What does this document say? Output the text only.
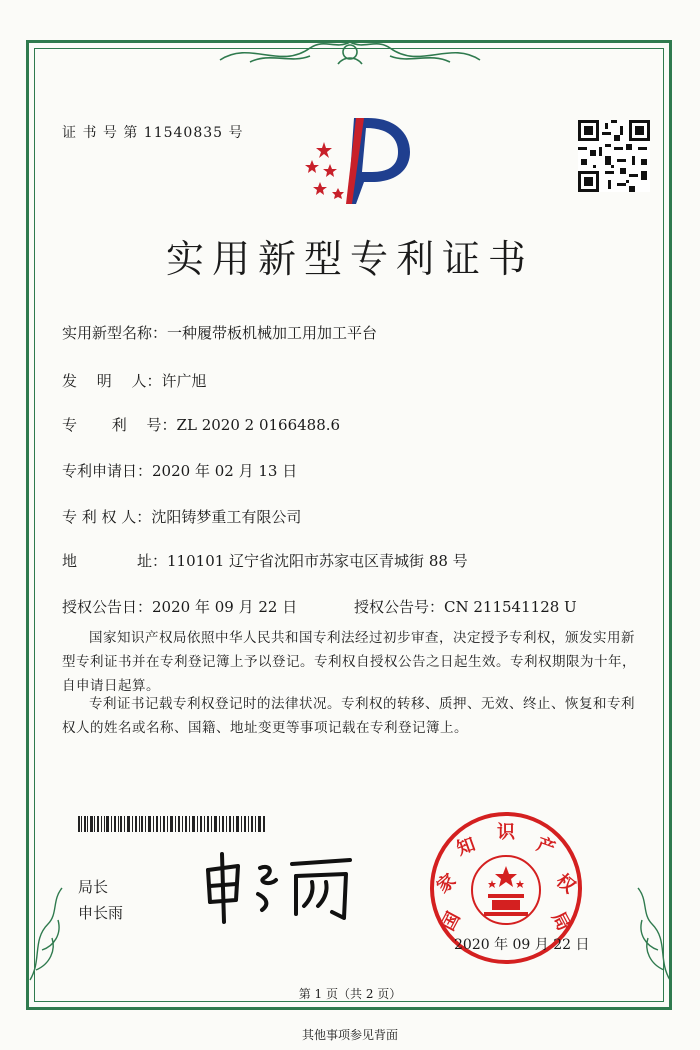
证 书 号 第 11540835 号
实用新型专利证书
实用新型名称：一种履带板机械加工用加工平台
发　 明　 人：许广旭
专　　 利　 号：ZL 2020 2 0166488.6
专利申请日：2020 年 02 月 13 日
专 利 权 人：沈阳铸梦重工有限公司
地　　　　址：110101 辽宁省沈阳市苏家屯区青城街 88 号
授权公告日：2020 年 09 月 22 日	授权公告号：CN 211541128 U
国家知识产权局依照中华人民共和国专利法经过初步审查，决定授予专利权，颁发实用新型专利证书并在专利登记簿上予以登记。专利权自授权公告之日起生效。专利权期限为十年，自申请日起算。
专利证书记载专利权登记时的法律状况。专利权的转移、质押、无效、终止、恢复和专利权人的姓名或名称、国籍、地址变更等事项记载在专利登记簿上。
局长
申长雨	国
家
知
识
产
权
局
2020 年 09 月 22 日
第 1 页（共 2 页）
其他事项参见背面
